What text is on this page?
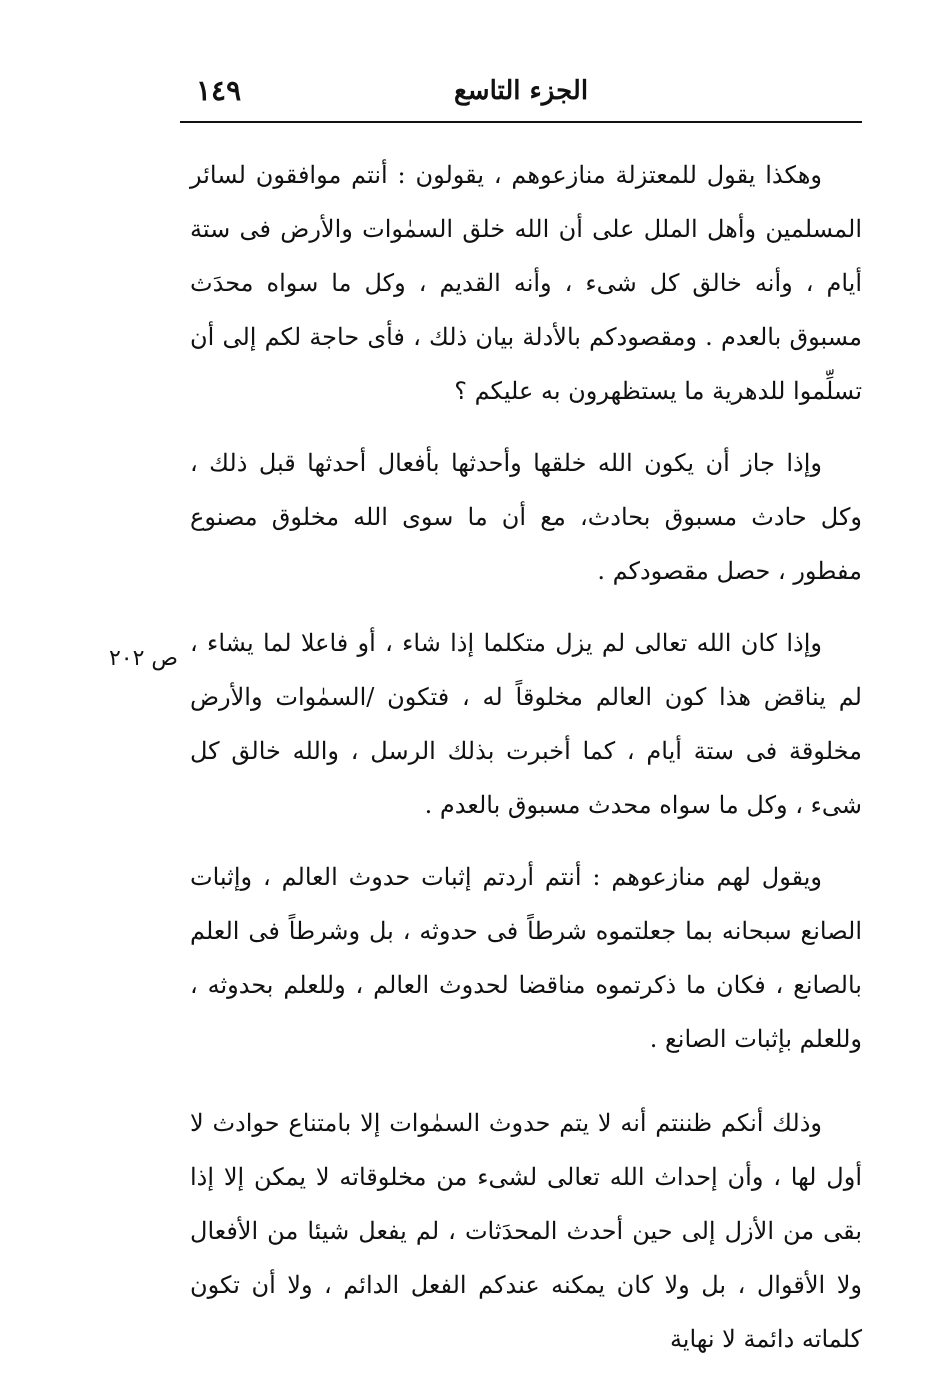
١٤٩	الجزء التاسع
ص ٢٠٢

وهكذا يقول للمعتزلة منازعوهم ، يقولون : أنتم موافقون لسائر المسلمين وأهل الملل على أن الله خلق السمٰوات والأرض فى ستة أيام ، وأنه خالق كل شىء ، وأنه القديم ، وكل ما سواه محدَث مسبوق بالعدم . ومقصودكم بالأدلة بيان ذلك ، فأى حاجة لكم إلى أن تسلِّموا للدهرية ما يستظهرون به عليكم ؟

وإذا جاز أن يكون الله خلقها وأحدثها بأفعال أحدثها قبل ذلك ، وكل حادث مسبوق بحادث، مع أن ما سوى الله مخلوق مصنوع مفطور ، حصل مقصودكم .

وإذا كان الله تعالى لم يزل متكلما إذا شاء ، أو فاعلا لما يشاء ، لم يناقض هذا كون العالم مخلوقاً له ، فتكون /السمٰوات والأرض مخلوقة فى ستة أيام ، كما أخبرت بذلك الرسل ، والله خالق كل شىء ، وكل ما سواه محدث مسبوق بالعدم .

ويقول لهم منازعوهم : أنتم أردتم إثبات حدوث العالم ، وإثبات الصانع سبحانه بما جعلتموه شرطاً فى حدوثه ، بل وشرطاً فى العلم بالصانع ، فكان ما ذكرتموه مناقضا لحدوث العالم ، وللعلم بحدوثه ، وللعلم بإثبات الصانع .

وذلك أنكم ظننتم أنه لا يتم حدوث السمٰوات إلا بامتناع حوادث لا أول لها ، وأن إحداث الله تعالى لشىء من مخلوقاته لا يمكن إلا إذا بقى من الأزل إلى حين أحدث المحدَثات ، لم يفعل شيئا من الأفعال ولا الأقوال ، بل ولا كان يمكنه عندكم الفعل الدائم ، ولا أن تكون كلماته دائمة لا نهاية
